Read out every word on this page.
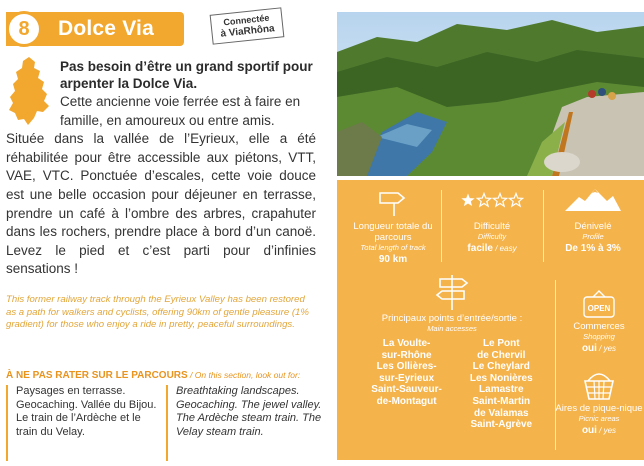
8	Dolce Via	Connectée
à ViaRhôna
Pas besoin d’être un grand sportif pour arpenter la Dolce Via.

Cette ancienne voie ferrée est à faire en famille, en amoureux ou entre amis.

Située dans la vallée de l’Eyrieux, elle a été réhabilitée pour être accessible aux piétons, VTT, VAE, VTC. Ponctuée d’escales, cette voie douce est une belle occasion pour déjeuner en terrasse, prendre un café à l’ombre des arbres, crapahuter dans les rochers, prendre place à bord d’un canoë. Levez le pied et c’est parti pour d’infinies sensations !

This former railway track through the Eyrieux Valley has been restored as a path for walkers and cyclists, offering 90km of gentle pleasure (1% gradient) for those who enjoy a ride in pretty, peaceful surroundings.
À NE PAS RATER SUR LE PARCOURS / On this section, look out for:
Paysages en terrasse. Geocaching. Vallée du Bijou. Le train de l’Ardèche et le train du Velay.
Breathtaking landscapes. Geocaching. The jewel valley. The Ardèche steam train. The Velay steam train.
Longueur totale du parcours
Total length of track
90 km
Difficulté
Difficulty
facile / easy
Dénivelé
Profile
De 1% à 3%
Principaux points d’entrée/sortie :
Main accesses
La Voulte-
sur-Rhône
Les Ollières-
sur-Eyrieux
Saint-Sauveur-
de-Montagut
Le Pont
de Chervil
Le Cheylard
Les Nonières
Lamastre
Saint-Martin
de Valamas
Saint-Agrève
OPEN
Commerces
Shopping
oui / yes
Aires de pique-nique
Picnic areas
oui / yes
